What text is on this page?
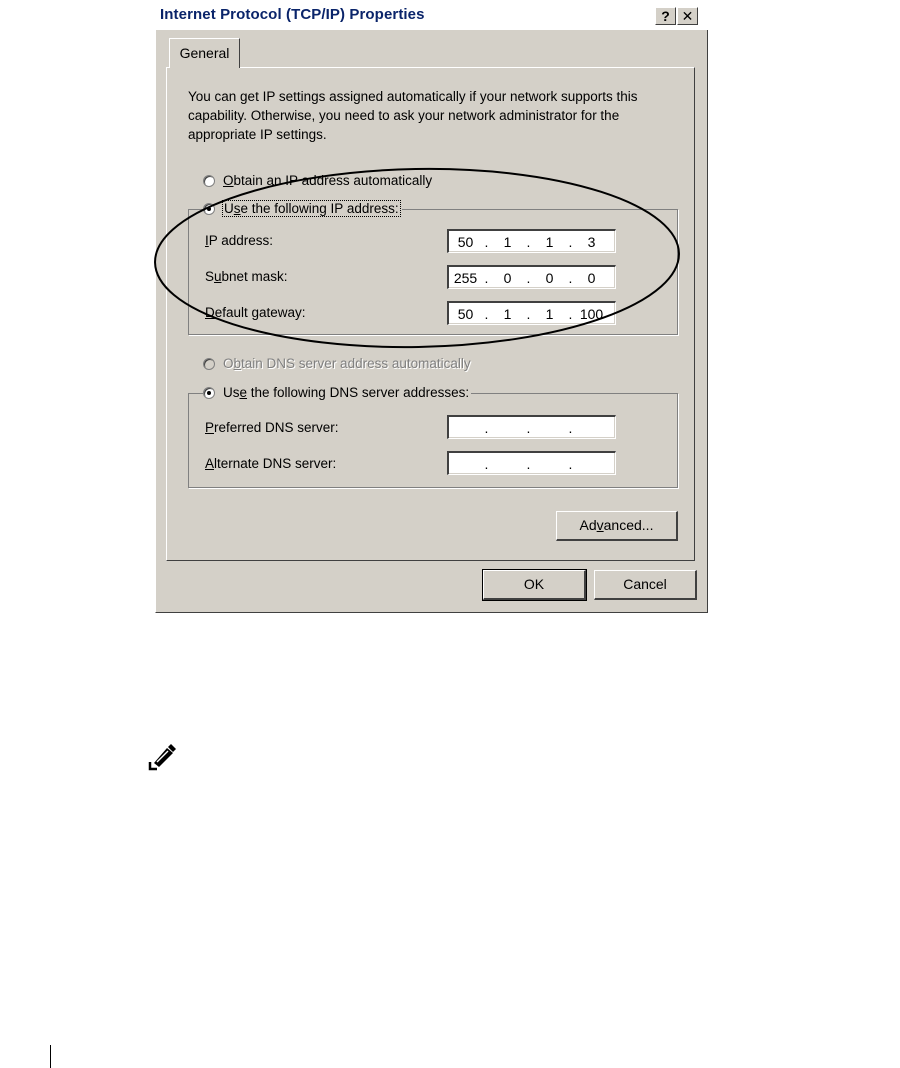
Internet Protocol (TCP/IP) Properties	? ✕
General
You can get IP settings assigned automatically if your network supports this capability. Otherwise, you need to ask your network administrator for the appropriate IP settings.
Obtain an IP address automatically
Use the following IP address:
IP address:	50 .	1	.	1	.	3
Subnet mask:	255 .	0	.	0	.	0
Default gateway:	50 .	1	.	1	. 100
Obtain DNS server address automatically
Use the following DNS server addresses:
Preferred DNS server:	.	.	.
Alternate DNS server:	.	.	.
Advanced...
OK	Cancel
